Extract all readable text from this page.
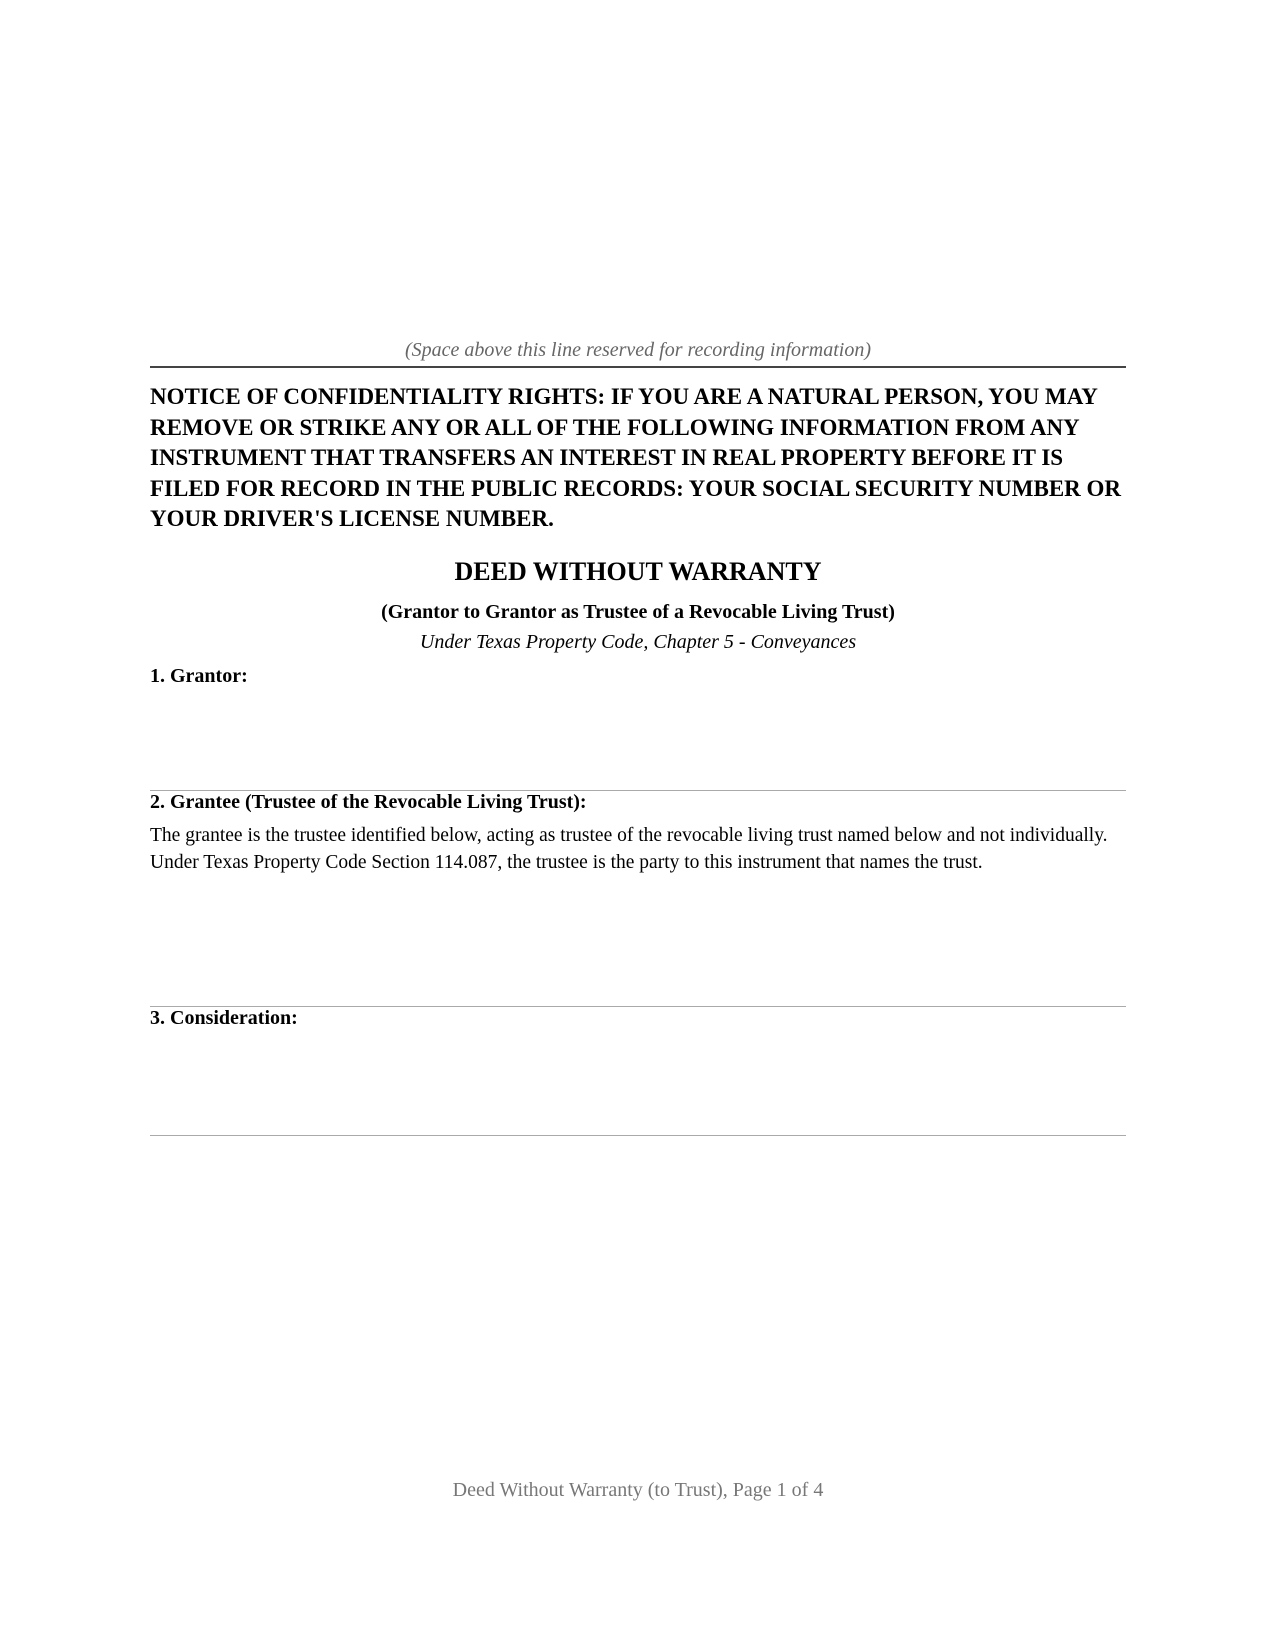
(Space above this line reserved for recording information)

NOTICE OF CONFIDENTIALITY RIGHTS: IF YOU ARE A NATURAL PERSON, YOU MAY REMOVE OR STRIKE ANY OR ALL OF THE FOLLOWING INFORMATION FROM ANY INSTRUMENT THAT TRANSFERS AN INTEREST IN REAL PROPERTY BEFORE IT IS FILED FOR RECORD IN THE PUBLIC RECORDS: YOUR SOCIAL SECURITY NUMBER OR YOUR DRIVER'S LICENSE NUMBER.

DEED WITHOUT WARRANTY

(Grantor to Grantor as Trustee of a Revocable Living Trust)

Under Texas Property Code, Chapter 5 - Conveyances

1. Grantor:
2. Grantee (Trustee of the Revocable Living Trust):

The grantee is the trustee identified below, acting as trustee of the revocable living trust named below and not individually. Under Texas Property Code Section 114.087, the trustee is the party to this instrument that names the trust.

3. Consideration:
Deed Without Warranty (to Trust), Page 1 of 4
